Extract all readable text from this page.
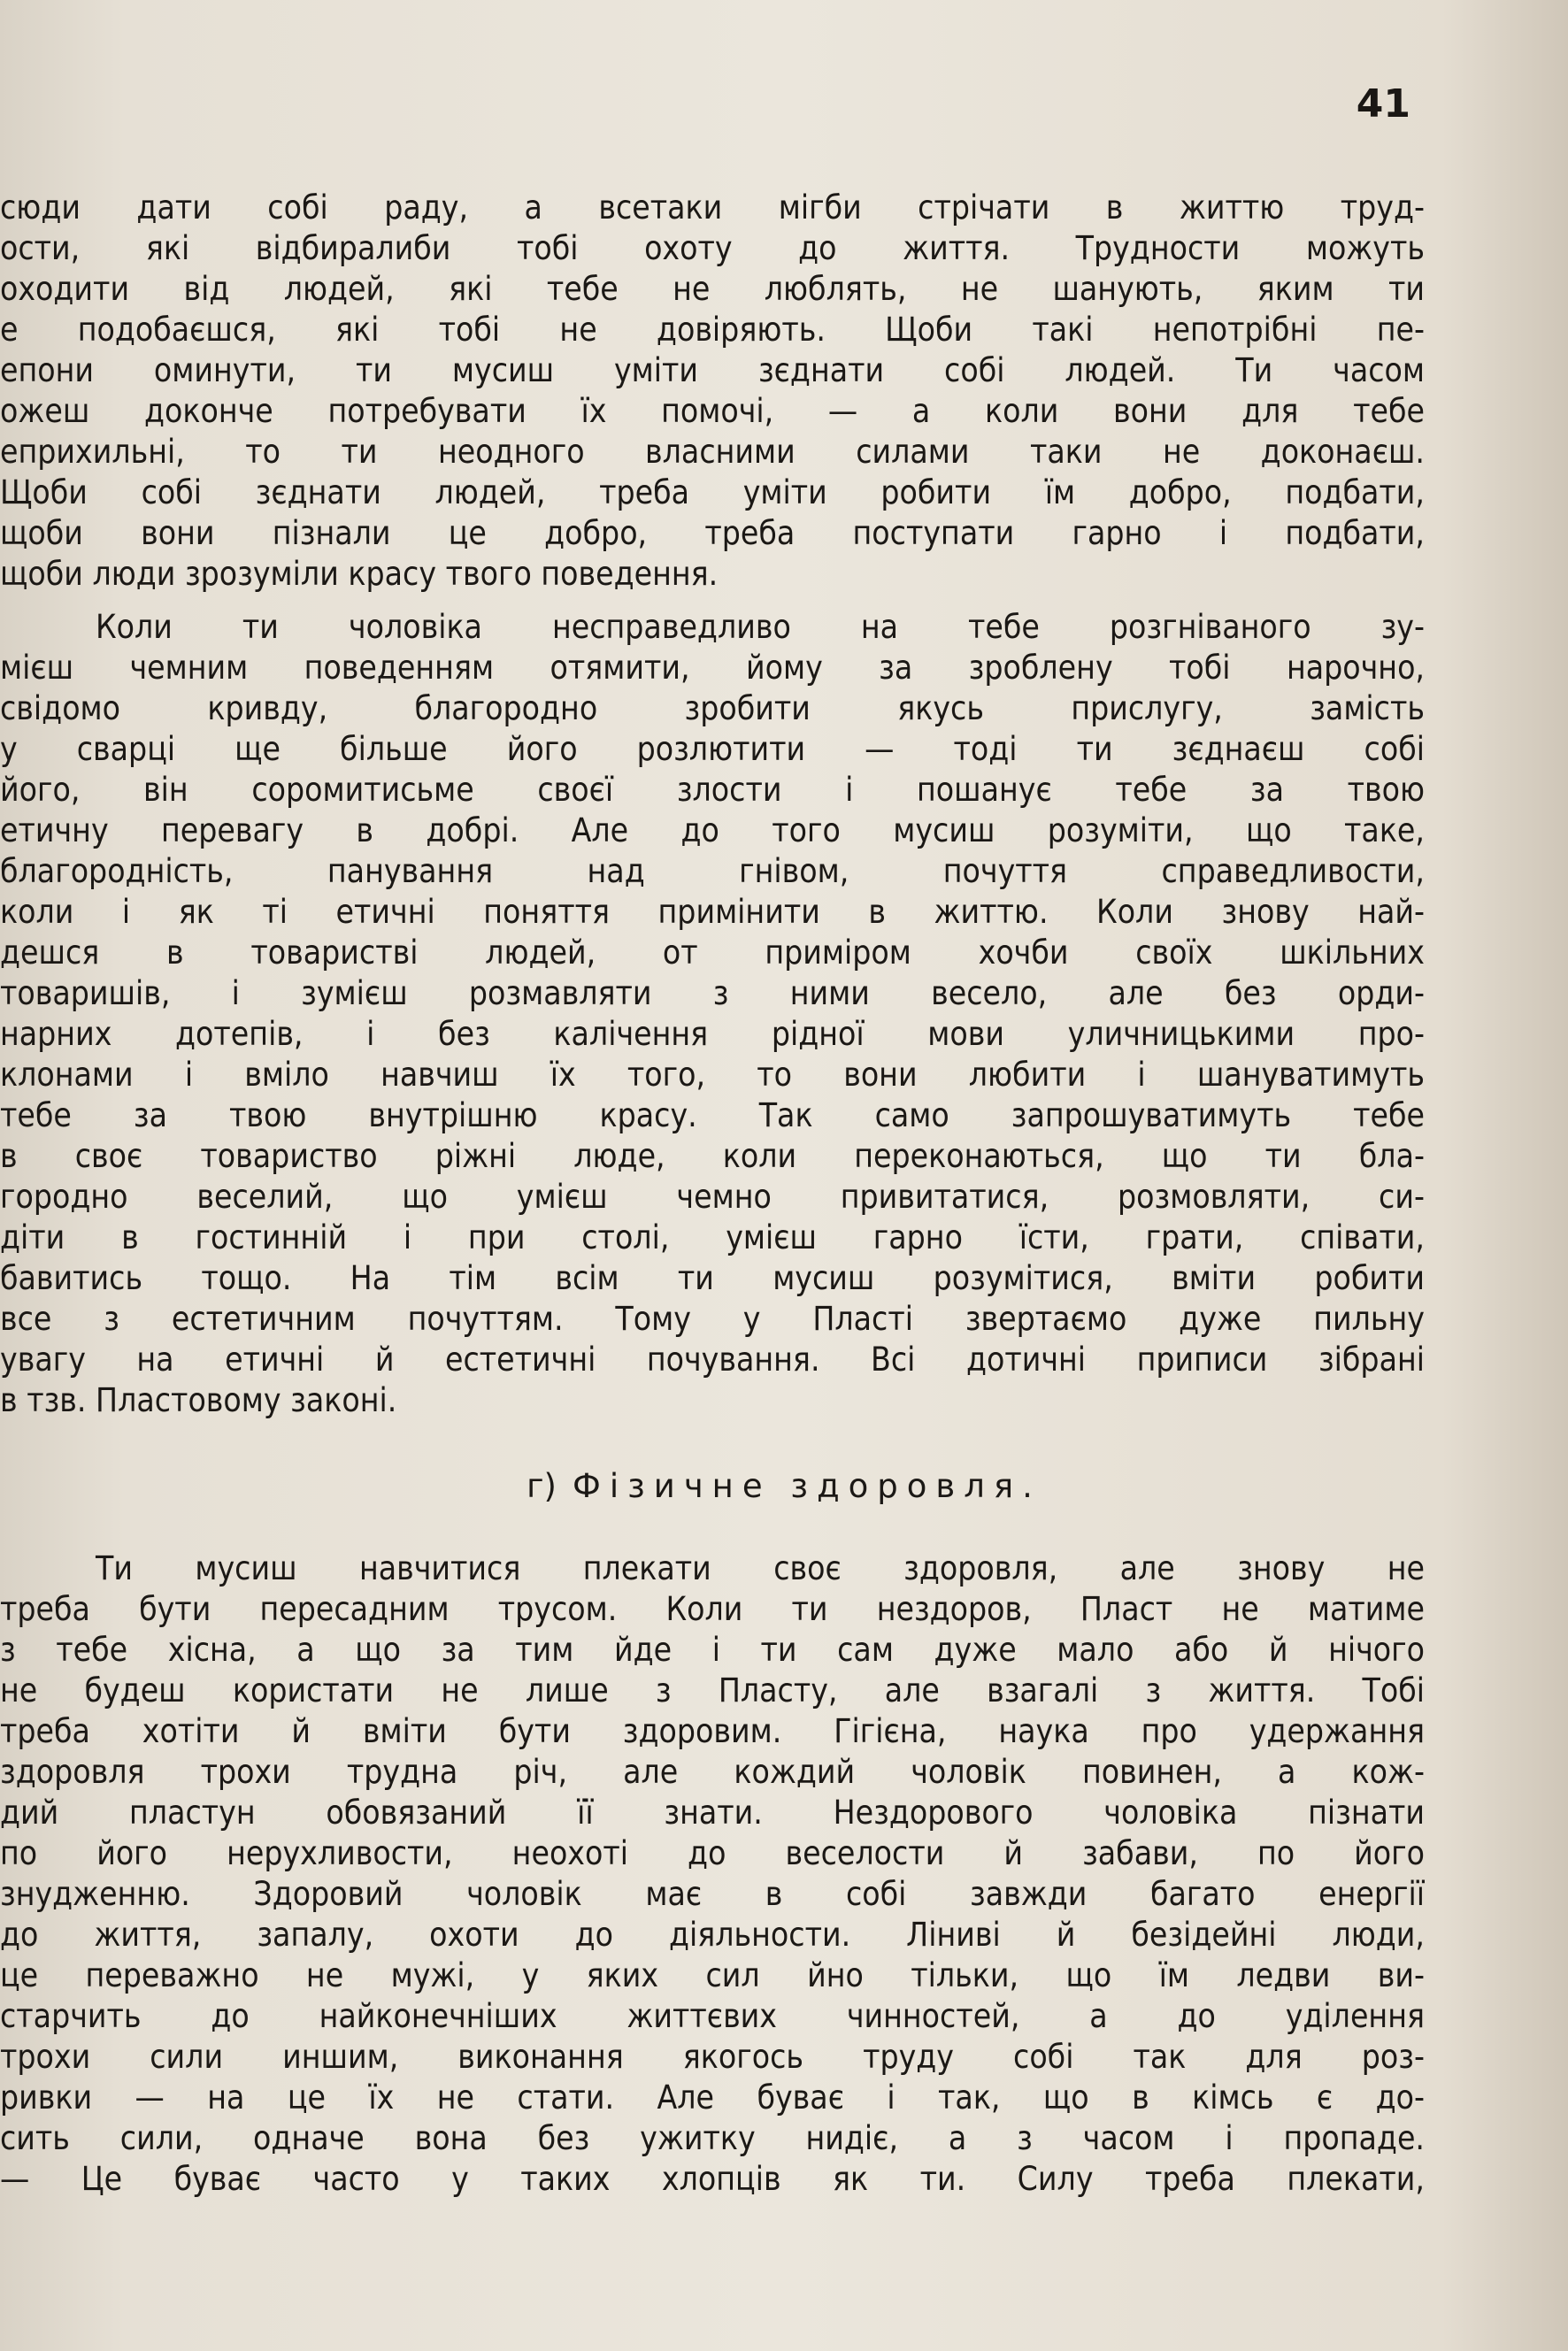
41
сюди дати собі раду, а всетаки мігби стрічати в життю труд-
ости, які відбиралиби тобі охоту до життя. Трудности можуть
оходити від людей, які тебе не люблять, не шанують, яким ти
е подобаєшся, які тобі не довіряють. Щоби такі непотрібні пе-
епони оминути, ти мусиш уміти зєднати собі людей. Ти часом
ожеш доконче потребувати їх помочі, — а коли вони для тебе
еприхильні, то ти неодного власними силами таки не доконаєш.
Щоби собі зєднати людей, треба уміти робити їм добро, подбати,
щоби вони пізнали це добро, треба поступати гарно і подбати,
щоби люди зрозуміли красу твого поведення.
Коли ти чоловіка несправедливо на тебе розгніваного зу-
мієш чемним поведенням отямити, йому за зроблену тобі нарочно,
свідомо кривду, благородно зробити якусь прислугу, замість
у сварці ще більше його розлютити — тоді ти зєднаєш собі
його, він соромитисьме своєї злости і пошанує тебе за твою
етичну перевагу в добрі. Але до того мусиш розуміти, що таке,
благородність, панування над гнівом, почуття справедливости,
коли і як ті етичні поняття примінити в життю. Коли знову най-
дешся в товаристві людей, от приміром хочби своїх шкільних
товаришів, і зумієш розмавляти з ними весело, але без орди-
нарних дотепів, і без калічення рідної мови уличницькими про-
клонами і вміло навчиш їх того, то вони любити і шануватимуть
тебе за твою внутрішню красу. Так само запрошуватимуть тебе
в своє товариство ріжні люде, коли переконаються, що ти бла-
городно веселий, що умієш чемно привитатися, розмовляти, си-
діти в гостинній і при столі, умієш гарно їсти, грати, співати,
бавитись тощо. На тім всім ти мусиш розумітися, вміти робити
все з естетичним почуттям. Тому у Пласті звертаємо дуже пильну
увагу на етичні й естетичні почування. Всі дотичні приписи зібрані
в тзв. Пластовому законі.
г) Фізичне здоровля.
Ти мусиш навчитися плекати своє здоровля, але знову не
треба бути пересадним трусом. Коли ти нездоров, Пласт не матиме
з тебе хісна, а що за тим йде і ти сам дуже мало або й нічого
не будеш користати не лише з Пласту, але взагалі з життя. Тобі
треба хотіти й вміти бути здоровим. Гігієна, наука про удержання
здоровля трохи трудна річ, але кождий чоловік повинен, а кож-
дий пластун обовязаний її знати. Нездорового чоловіка пізнати
по його нерухливости, неохоті до веселости й забави, по його
знудженню. Здоровий чоловік має в собі завжди багато енергії
до життя, запалу, охоти до діяльности. Ліниві й безідейні люди,
це переважно не мужі, у яких сил йно тільки, що їм ледви ви-
старчить до найконечніших життєвих чинностей, а до уділення
трохи сили иншим, виконання якогось труду собі так для роз-
ривки — на це їх не стати. Але буває і так, що в кімсь є до-
сить сили, одначе вона без ужитку нидіє, а з часом і пропаде.
— Це буває часто у таких хлопців як ти. Силу треба плекати,
